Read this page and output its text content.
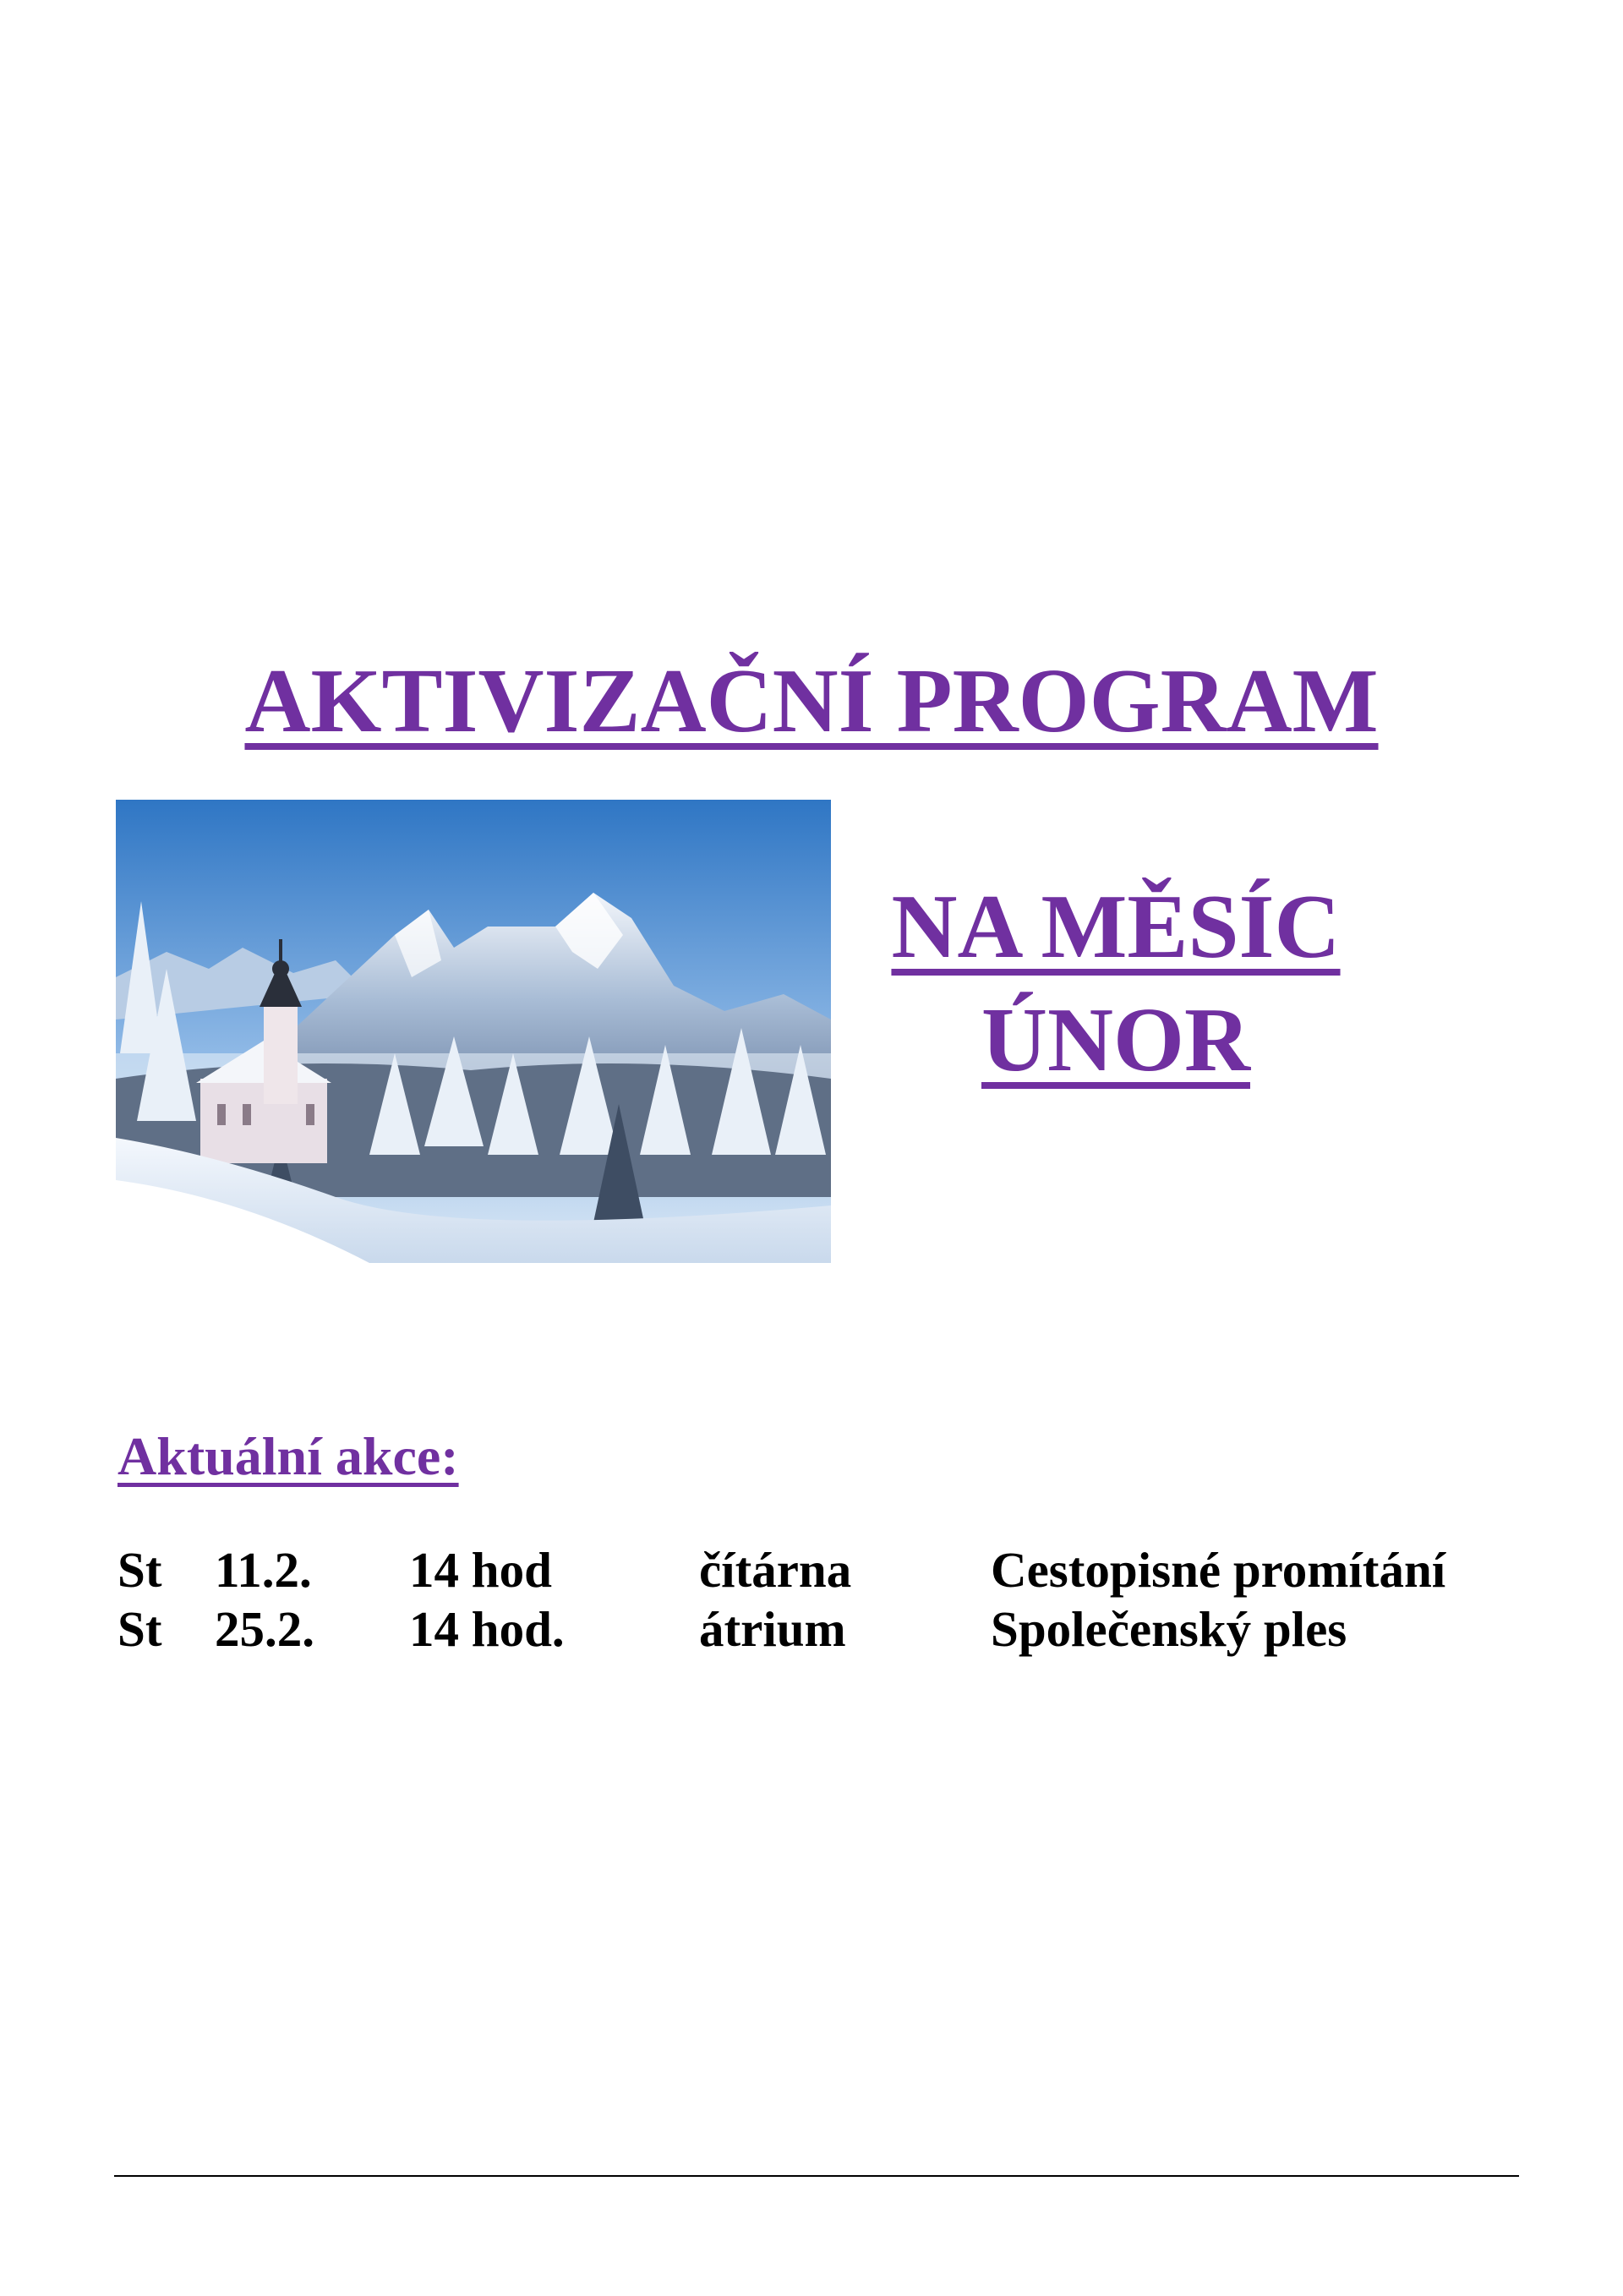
AKTIVIZAČNÍ PROGRAM
NA MĚSÍC
ÚNOR
Aktuální akce:
St 11.2. 14 hod	čítárna	Cestopisné promítání
St 25.2. 14 hod.	átrium	Společenský ples
